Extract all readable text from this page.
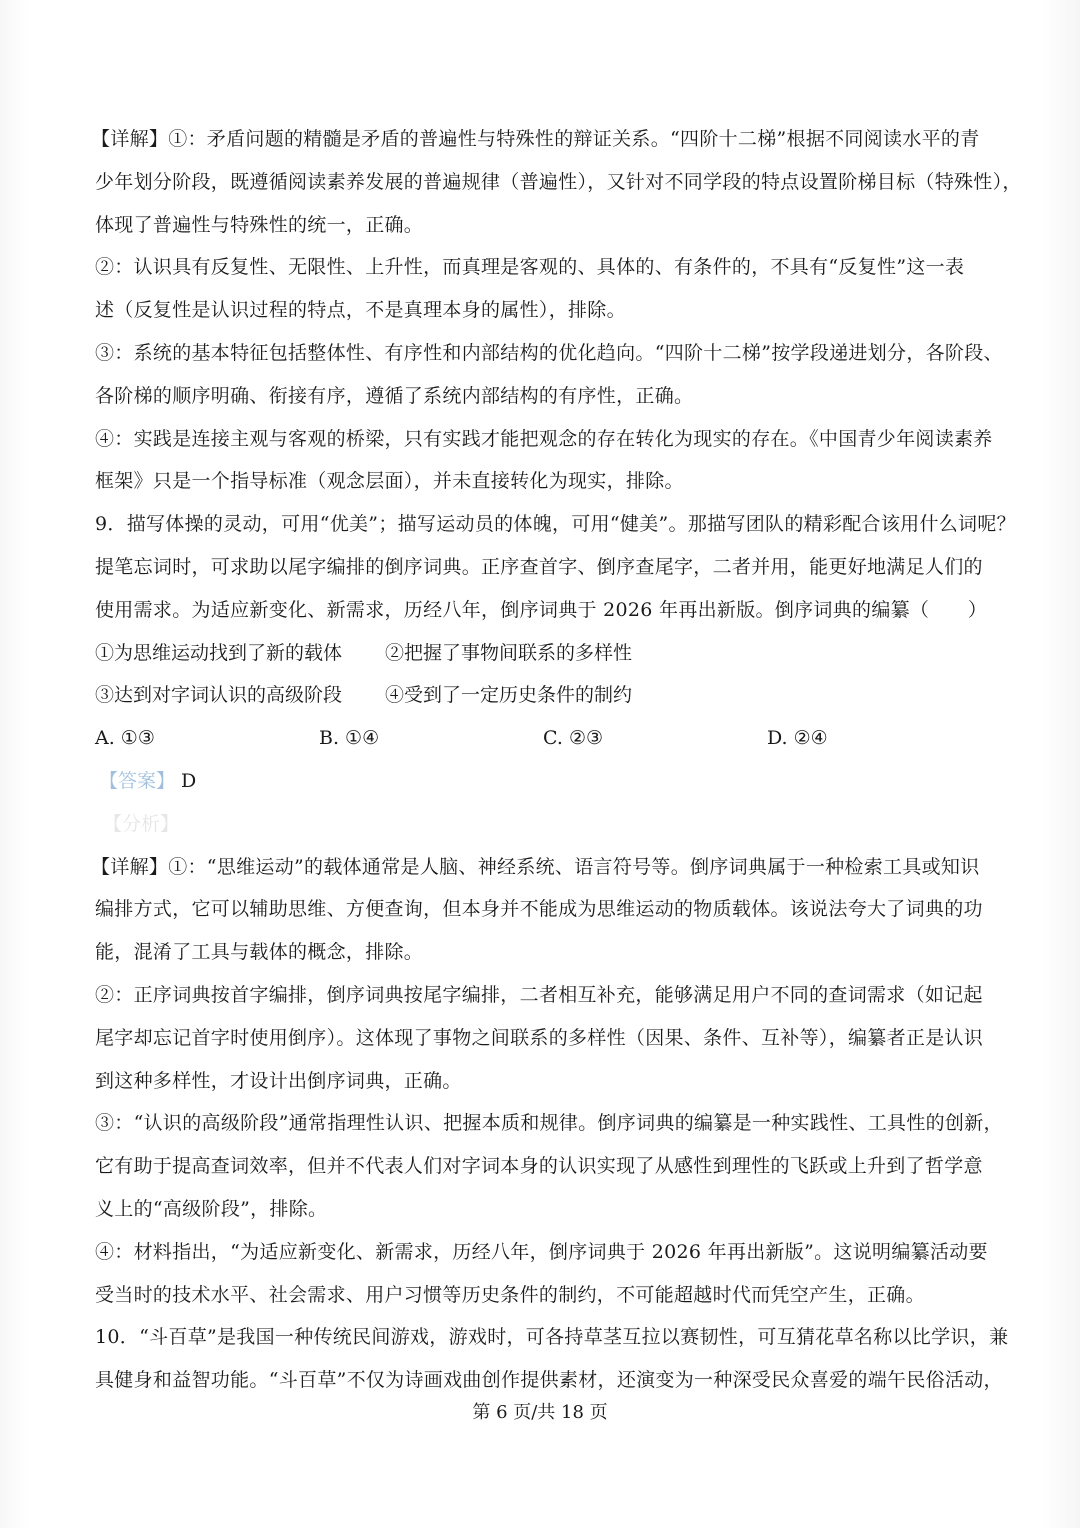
【详解】①：矛盾问题的精髓是矛盾的普遍性与特殊性的辩证关系。“四阶十二梯”根据不同阅读水平的青
少年划分阶段，既遵循阅读素养发展的普遍规律（普遍性），又针对不同学段的特点设置阶梯目标（特殊性），
体现了普遍性与特殊性的统一，正确。
②：认识具有反复性、无限性、上升性，而真理是客观的、具体的、有条件的，不具有“反复性”这一表
述（反复性是认识过程的特点，不是真理本身的属性），排除。
③：系统的基本特征包括整体性、有序性和内部结构的优化趋向。“四阶十二梯”按学段递进划分，各阶段、
各阶梯的顺序明确、衔接有序，遵循了系统内部结构的有序性，正确。
④：实践是连接主观与客观的桥梁，只有实践才能把观念的存在转化为现实的存在。《中国青少年阅读素养
框架》只是一个指导标准（观念层面），并未直接转化为现实，排除。
9．描写体操的灵动，可用“优美”；描写运动员的体魄，可用“健美”。那描写团队的精彩配合该用什么词呢？
提笔忘词时，可求助以尾字编排的倒序词典。正序查首字、倒序查尾字，二者并用，能更好地满足人们的
使用需求。为适应新变化、新需求，历经八年，倒序词典于 2026 年再出新版。倒序词典的编纂（　　）
①为思维运动找到了新的载体	②把握了事物间联系的多样性
③达到对字词认识的高级阶段	④受到了一定历史条件的制约
A. ①③	B. ①④	C. ②③	D. ②④
【答案】 D
【分析】
【详解】①：“思维运动”的载体通常是人脑、神经系统、语言符号等。倒序词典属于一种检索工具或知识
编排方式，它可以辅助思维、方便查询，但本身并不能成为思维运动的物质载体。该说法夸大了词典的功
能，混淆了工具与载体的概念，排除。
②：正序词典按首字编排，倒序词典按尾字编排，二者相互补充，能够满足用户不同的查词需求（如记起
尾字却忘记首字时使用倒序）。这体现了事物之间联系的多样性（因果、条件、互补等），编纂者正是认识
到这种多样性，才设计出倒序词典，正确。
③：“认识的高级阶段”通常指理性认识、把握本质和规律。倒序词典的编纂是一种实践性、工具性的创新，
它有助于提高查词效率，但并不代表人们对字词本身的认识实现了从感性到理性的飞跃或上升到了哲学意
义上的“高级阶段”，排除。
④：材料指出，“为适应新变化、新需求，历经八年，倒序词典于 2026 年再出新版”。这说明编纂活动要
受当时的技术水平、社会需求、用户习惯等历史条件的制约，不可能超越时代而凭空产生，正确。
10．“斗百草”是我国一种传统民间游戏，游戏时，可各持草茎互拉以赛韧性，可互猜花草名称以比学识，兼
具健身和益智功能。“斗百草”不仅为诗画戏曲创作提供素材，还演变为一种深受民众喜爱的端午民俗活动，
第 6 页/共 18 页
